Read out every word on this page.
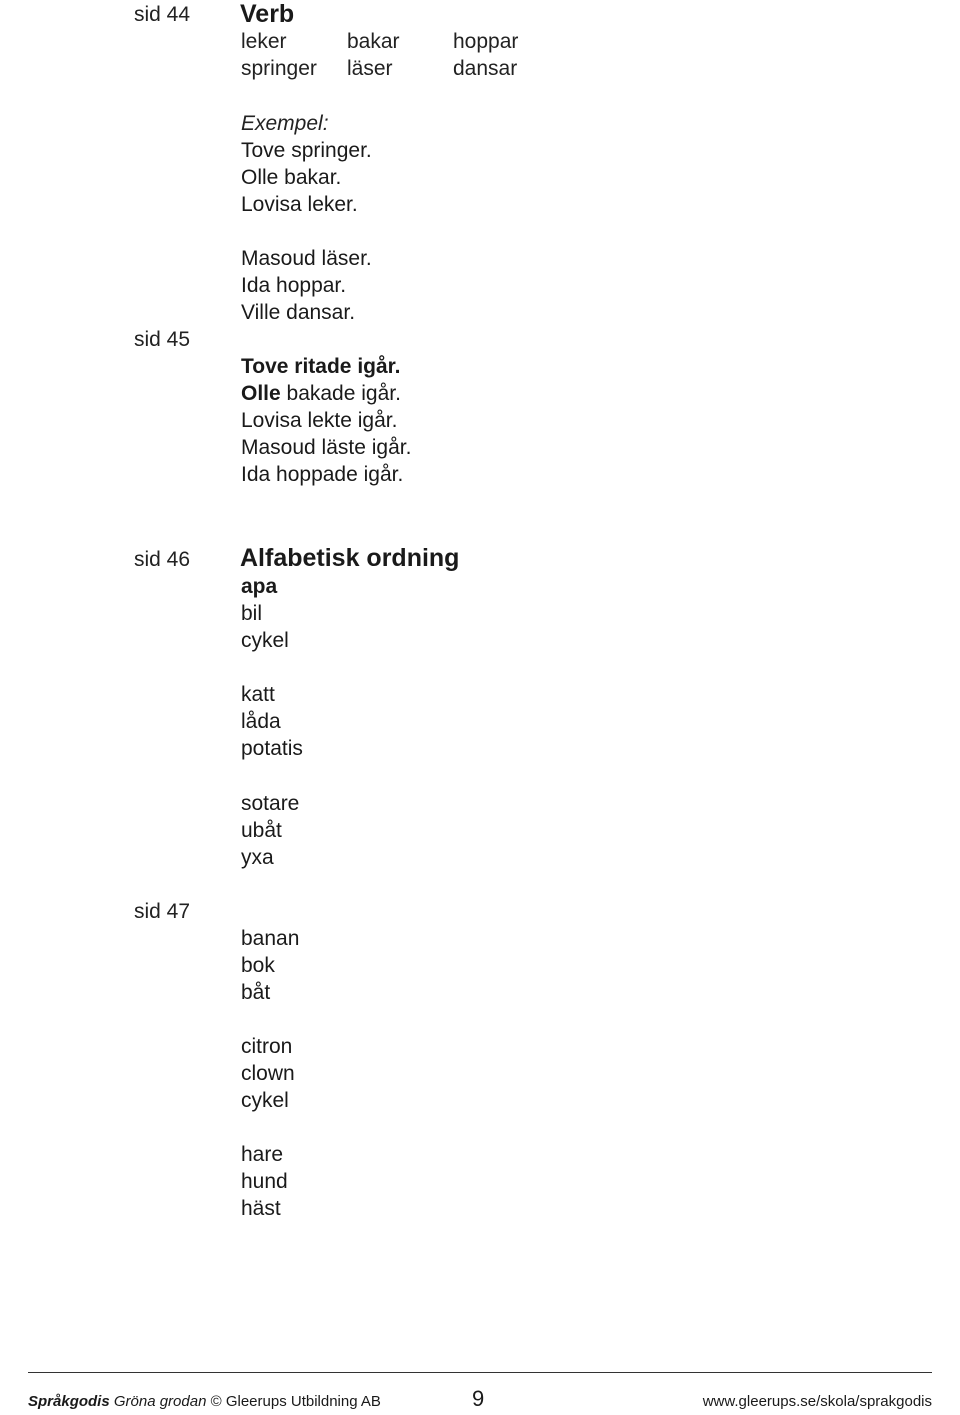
sid 44
sid 45
sid 46
sid 47
Verb
leker
springer
bakar
läser
hoppar
dansar
Exempel:
Tove springer.
Olle bakar.
Lovisa leker.
Masoud läser.
Ida hoppar.
Ville dansar.
Tove ritade igår.
Olle bakade igår.
Lovisa lekte igår.
Masoud läste igår.
Ida hoppade igår.
Alfabetisk ordning
apa
bil
cykel
katt
låda
potatis
sotare
ubåt
yxa
banan
bok
båt
citron
clown
cykel
hare
hund
häst
Språkgodis Gröna grodan © Gleerups Utbildning AB	9	www.gleerups.se/skola/sprakgodis
